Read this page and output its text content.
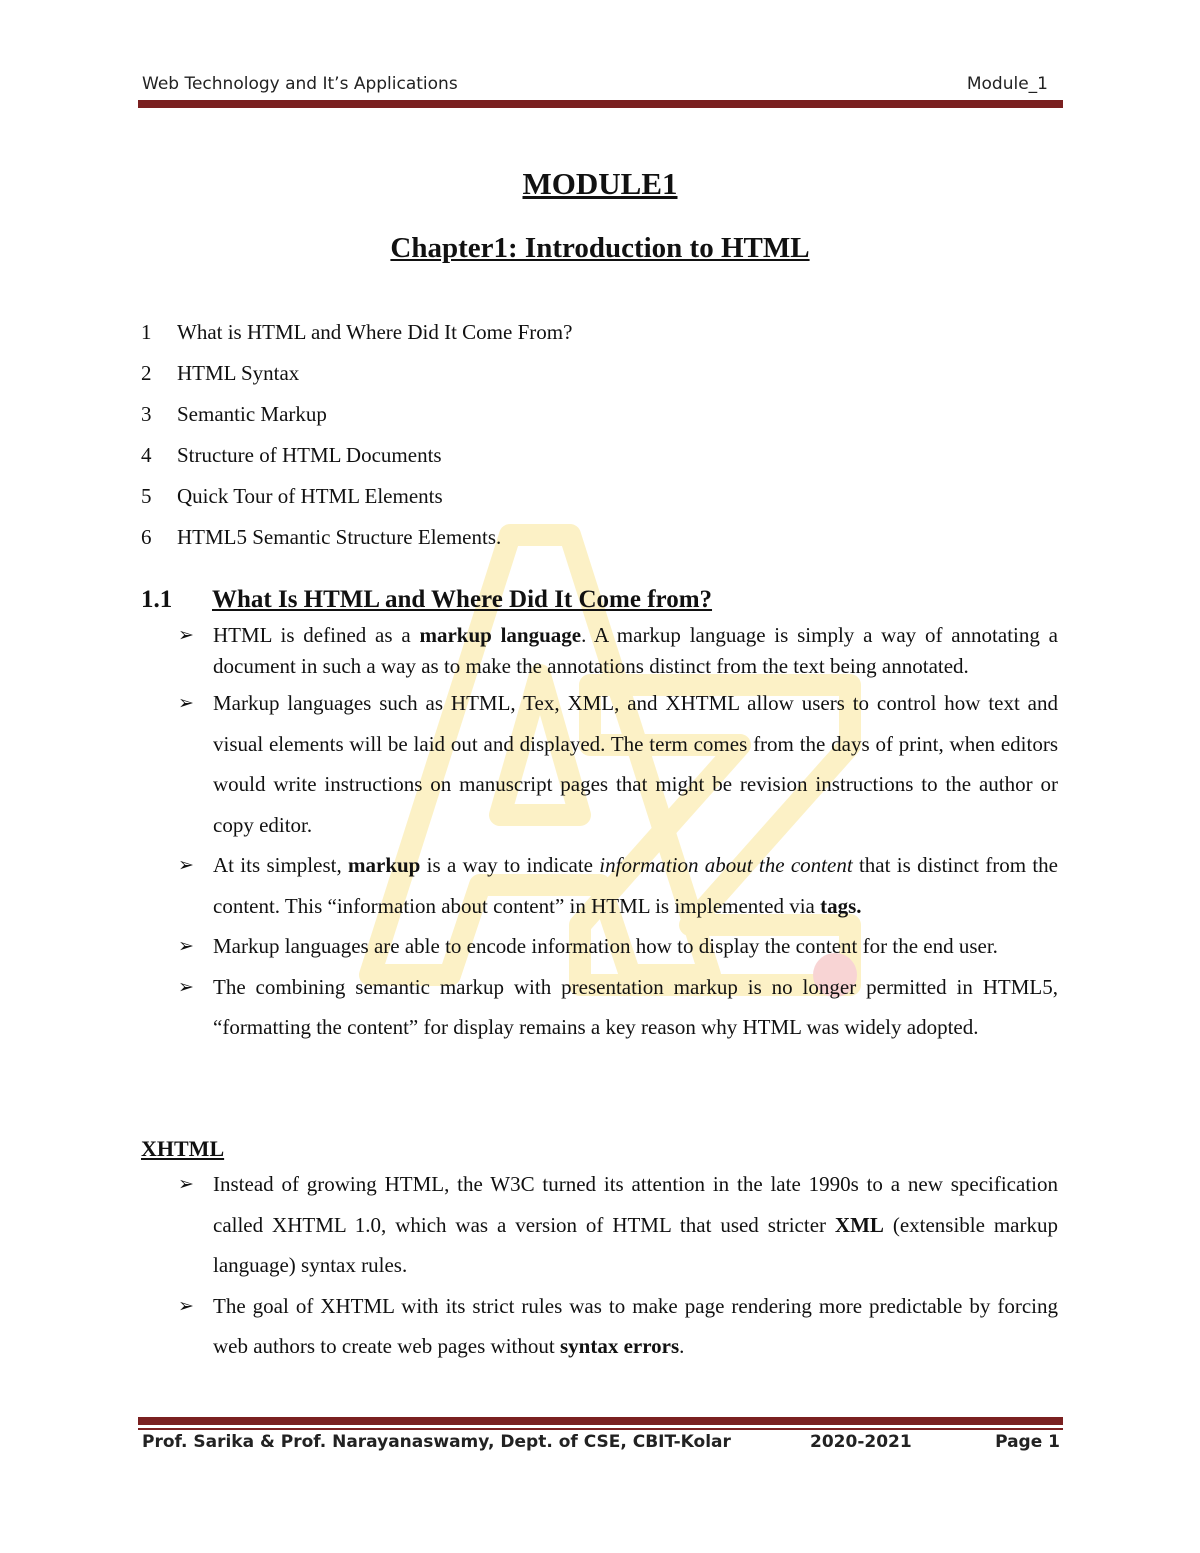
Web Technology and It’s Applications	Module_1
MODULE1
Chapter1: Introduction to HTML
1 What is HTML and Where Did It Come From?
2 HTML Syntax
3 Semantic Markup
4 Structure of HTML Documents
5 Quick Tour of HTML Elements
6 HTML5 Semantic Structure Elements.
1.1 What Is HTML and Where Did It Come from?
➢ HTML is defined as a markup language. A markup language is simply a way of annotating a document in such a way as to make the annotations distinct from the text being annotated.
➢ Markup languages such as HTML, Tex, XML, and XHTML allow users to control how text and visual elements will be laid out and displayed. The term comes from the days of print, when editors would write instructions on manuscript pages that might be revision instructions to the author or copy editor.
➢ At its simplest, markup is a way to indicate information about the content that is distinct from the content. This “information about content” in HTML is implemented via tags.
➢ Markup languages are able to encode information how to display the content for the end user.
➢ The combining semantic markup with presentation markup is no longer permitted in HTML5, “formatting the content” for display remains a key reason why HTML was widely adopted.
XHTML
➢ Instead of growing HTML, the W3C turned its attention in the late 1990s to a new specification called XHTML 1.0, which was a version of HTML that used stricter XML (extensible markup language) syntax rules.
➢ The goal of XHTML with its strict rules was to make page rendering more predictable by forcing web authors to create web pages without syntax errors.
Prof. Sarika & Prof. Narayanaswamy, Dept. of CSE, CBIT-Kolar	2020-2021	Page 1
